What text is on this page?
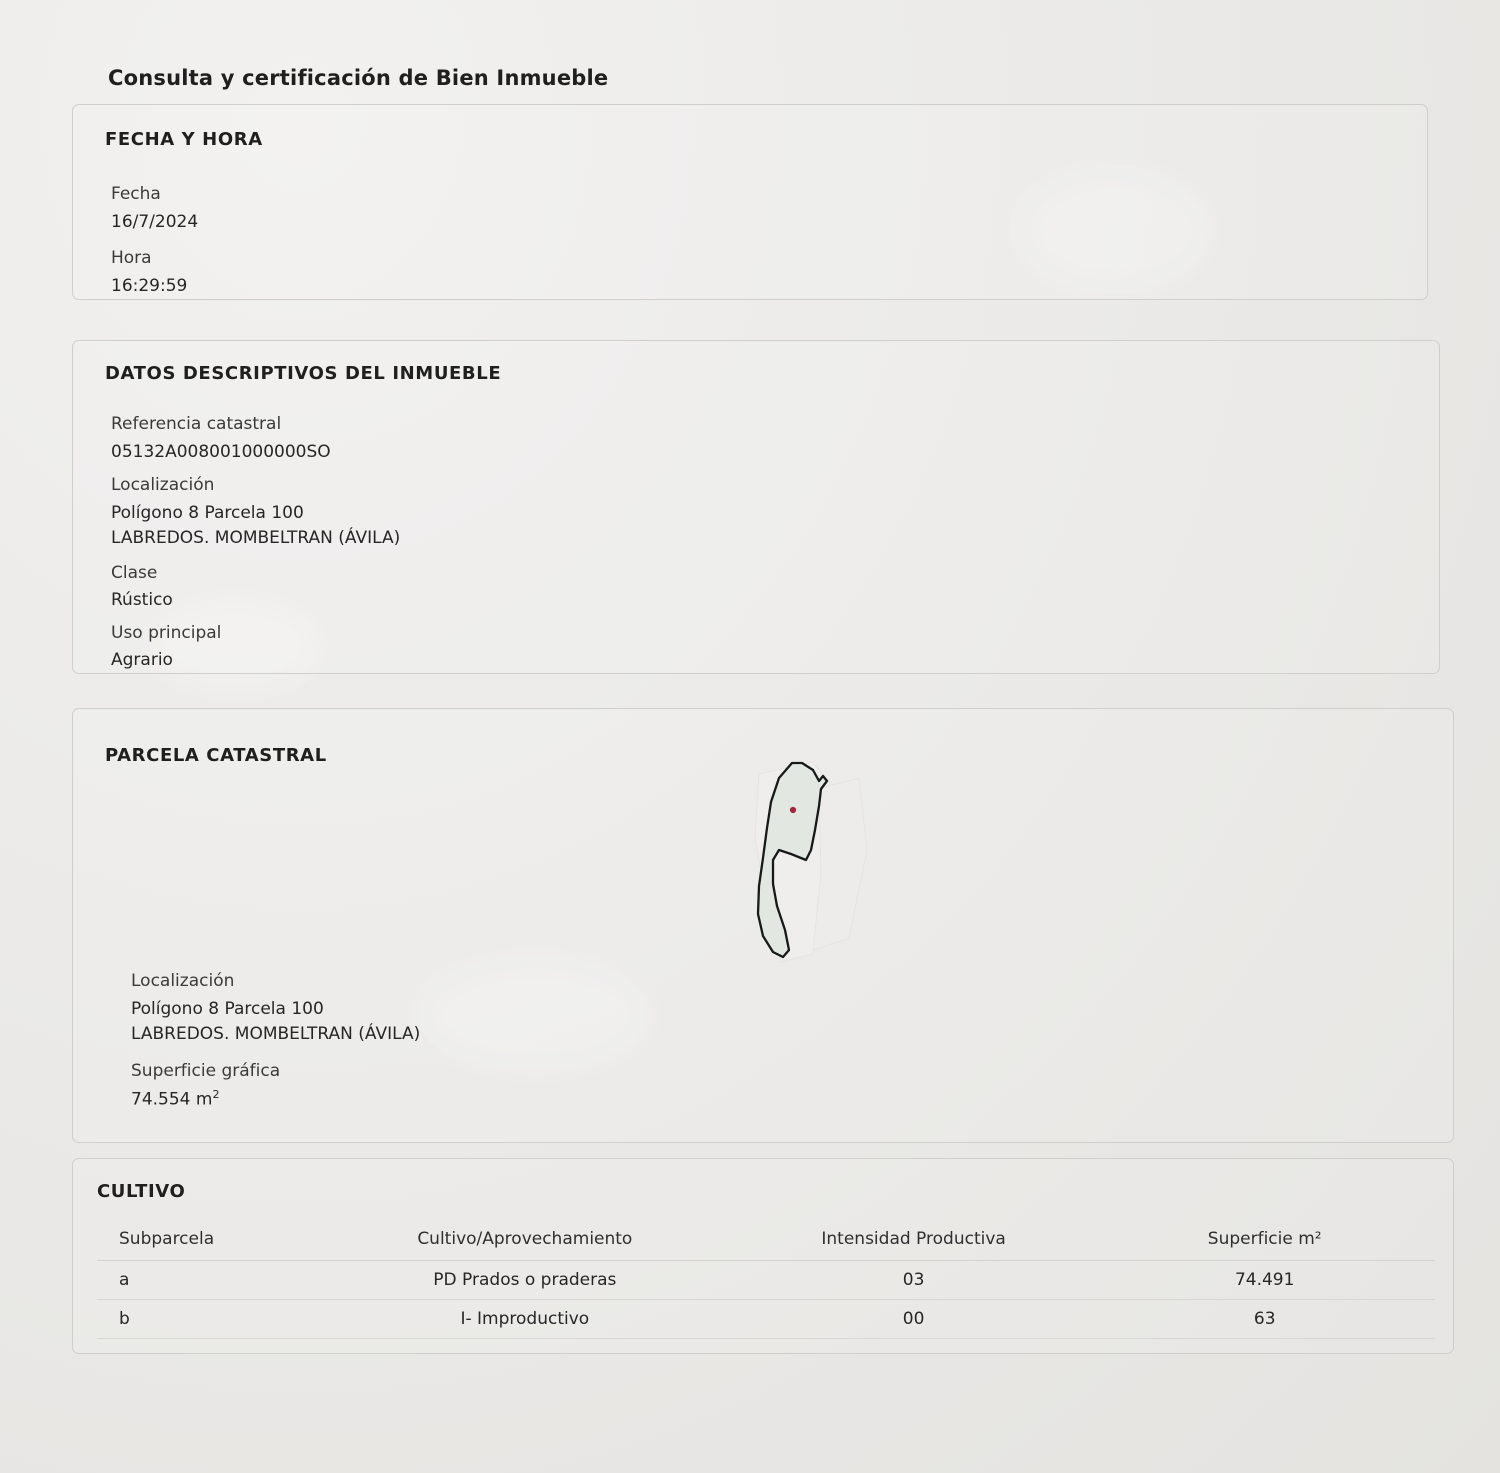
Consulta y certificación de Bien Inmueble
FECHA Y HORA
Fecha
16/7/2024
Hora
16:29:59
DATOS DESCRIPTIVOS DEL INMUEBLE
Referencia catastral
05132A008001000000SO
Localización
Polígono 8 Parcela 100
LABREDOS. MOMBELTRAN (ÁVILA)
Clase
Rústico
Uso principal
Agrario
PARCELA CATASTRAL
Localización
Polígono 8 Parcela 100
LABREDOS. MOMBELTRAN (ÁVILA)
Superficie gráfica
74.554 $m^2$
CULTIVO
Subparcela	Cultivo/Aprovechamiento	Intensidad Productiva	Superficie m²
a	PD Prados o praderas	03	74.491
b	I- Improductivo	00	63
